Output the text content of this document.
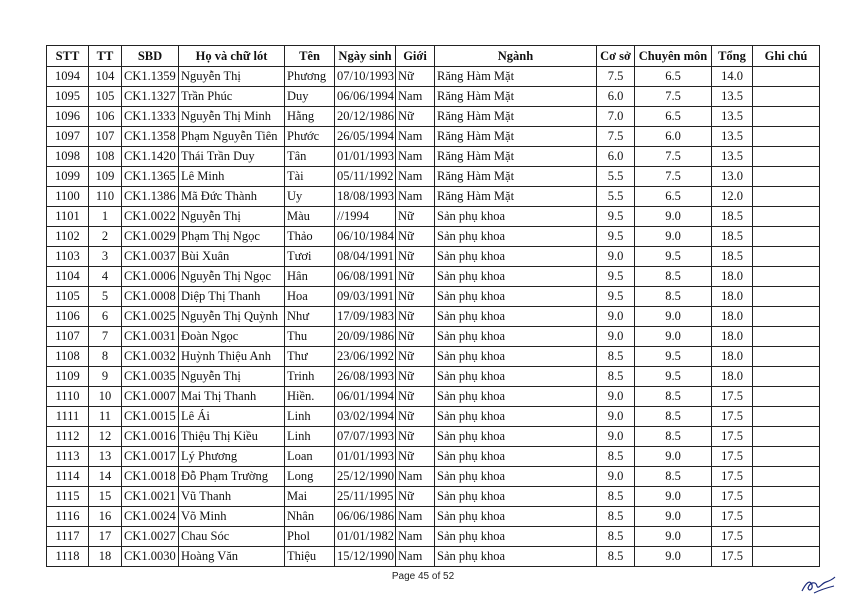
STT	TT	SBD	Họ và chữ lót	Tên	Ngày sinh	Giới	Ngành	Cơ sở	Chuyên môn	Tổng	Ghi chú
1094	104	CK1.1359	Nguyễn Thị	Phương	07/10/1993	Nữ	Răng Hàm Mặt	7.5	6.5	14.0	
1095	105	CK1.1327	Trần Phúc	Duy	06/06/1994	Nam	Răng Hàm Mặt	6.0	7.5	13.5	
1096	106	CK1.1333	Nguyễn Thị Minh	Hằng	20/12/1986	Nữ	Răng Hàm Mặt	7.0	6.5	13.5	
1097	107	CK1.1358	Phạm Nguyễn Tiên	Phước	26/05/1994	Nam	Răng Hàm Mặt	7.5	6.0	13.5	
1098	108	CK1.1420	Thái Trần Duy	Tân	01/01/1993	Nam	Răng Hàm Mặt	6.0	7.5	13.5	
1099	109	CK1.1365	Lê Minh	Tài	05/11/1992	Nam	Răng Hàm Mặt	5.5	7.5	13.0	
1100	110	CK1.1386	Mã Đức Thành	Uy	18/08/1993	Nam	Răng Hàm Mặt	5.5	6.5	12.0	
1101	1	CK1.0022	Nguyễn Thị	Màu	//1994	Nữ	Sản phụ khoa	9.5	9.0	18.5	
1102	2	CK1.0029	Phạm Thị Ngọc	Thảo	06/10/1984	Nữ	Sản phụ khoa	9.5	9.0	18.5	
1103	3	CK1.0037	Bùi Xuân	Tươi	08/04/1991	Nữ	Sản phụ khoa	9.0	9.5	18.5	
1104	4	CK1.0006	Nguyễn Thị Ngọc	Hân	06/08/1991	Nữ	Sản phụ khoa	9.5	8.5	18.0	
1105	5	CK1.0008	Diệp Thị Thanh	Hoa	09/03/1991	Nữ	Sản phụ khoa	9.5	8.5	18.0	
1106	6	CK1.0025	Nguyễn Thị Quỳnh	Như	17/09/1983	Nữ	Sản phụ khoa	9.0	9.0	18.0	
1107	7	CK1.0031	Đoàn Ngọc	Thu	20/09/1986	Nữ	Sản phụ khoa	9.0	9.0	18.0	
1108	8	CK1.0032	Huỳnh Thiệu Anh	Thư	23/06/1992	Nữ	Sản phụ khoa	8.5	9.5	18.0	
1109	9	CK1.0035	Nguyễn Thị	Trinh	26/08/1993	Nữ	Sản phụ khoa	8.5	9.5	18.0	
1110	10	CK1.0007	Mai Thị Thanh	Hiền.	06/01/1994	Nữ	Sản phụ khoa	9.0	8.5	17.5	
1111	11	CK1.0015	Lê Ái	Linh	03/02/1994	Nữ	Sản phụ khoa	9.0	8.5	17.5	
1112	12	CK1.0016	Thiệu Thị Kiều	Linh	07/07/1993	Nữ	Sản phụ khoa	9.0	8.5	17.5	
1113	13	CK1.0017	Lý Phương	Loan	01/01/1993	Nữ	Sản phụ khoa	8.5	9.0	17.5	
1114	14	CK1.0018	Đỗ Phạm Trường	Long	25/12/1990	Nam	Sản phụ khoa	9.0	8.5	17.5	
1115	15	CK1.0021	Vũ Thanh	Mai	25/11/1995	Nữ	Sản phụ khoa	8.5	9.0	17.5	
1116	16	CK1.0024	Võ Minh	Nhân	06/06/1986	Nam	Sản phụ khoa	8.5	9.0	17.5	
1117	17	CK1.0027	Chau Sóc	Phol	01/01/1982	Nam	Sản phụ khoa	8.5	9.0	17.5	
1118	18	CK1.0030	Hoàng Văn	Thiệu	15/12/1990	Nam	Sản phụ khoa	8.5	9.0	17.5	
Page 45 of 52
